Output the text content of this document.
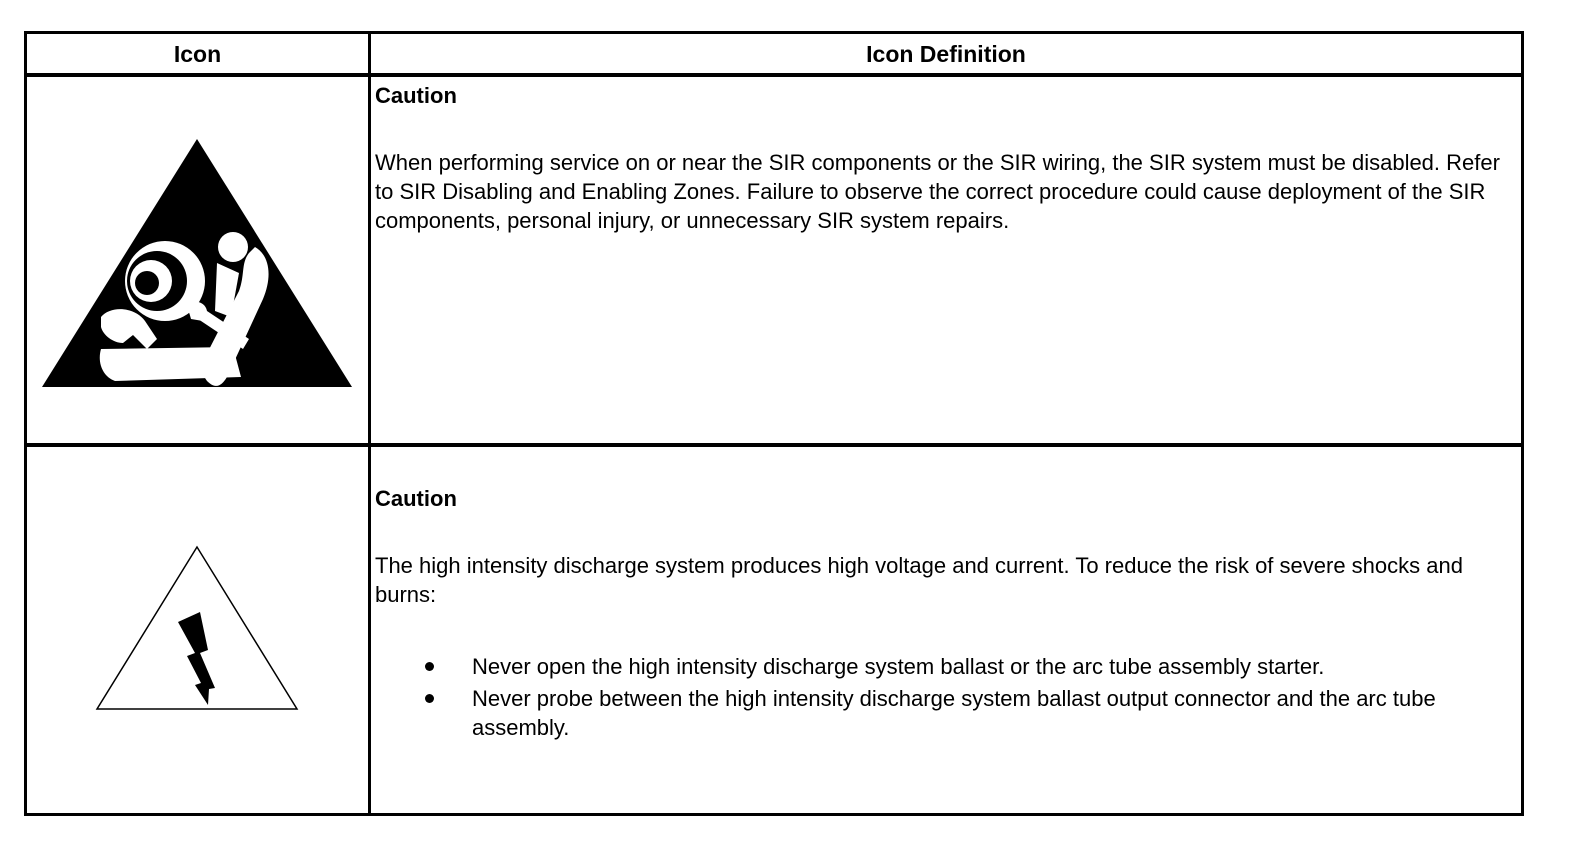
Icon	Icon Definition

Caution

When performing service on or near the SIR components or the SIR wiring, the SIR system must be disabled. Refer to SIR Disabling and Enabling Zones. Failure to observe the correct procedure could cause deployment of the SIR components, personal injury, or unnecessary SIR system repairs.

Caution

The high intensity discharge system produces high voltage and current. To reduce the risk of severe shocks and burns:

Never open the high intensity discharge system ballast or the arc tube assembly starter.
Never probe between the high intensity discharge system ballast output connector and the arc tube assembly.
